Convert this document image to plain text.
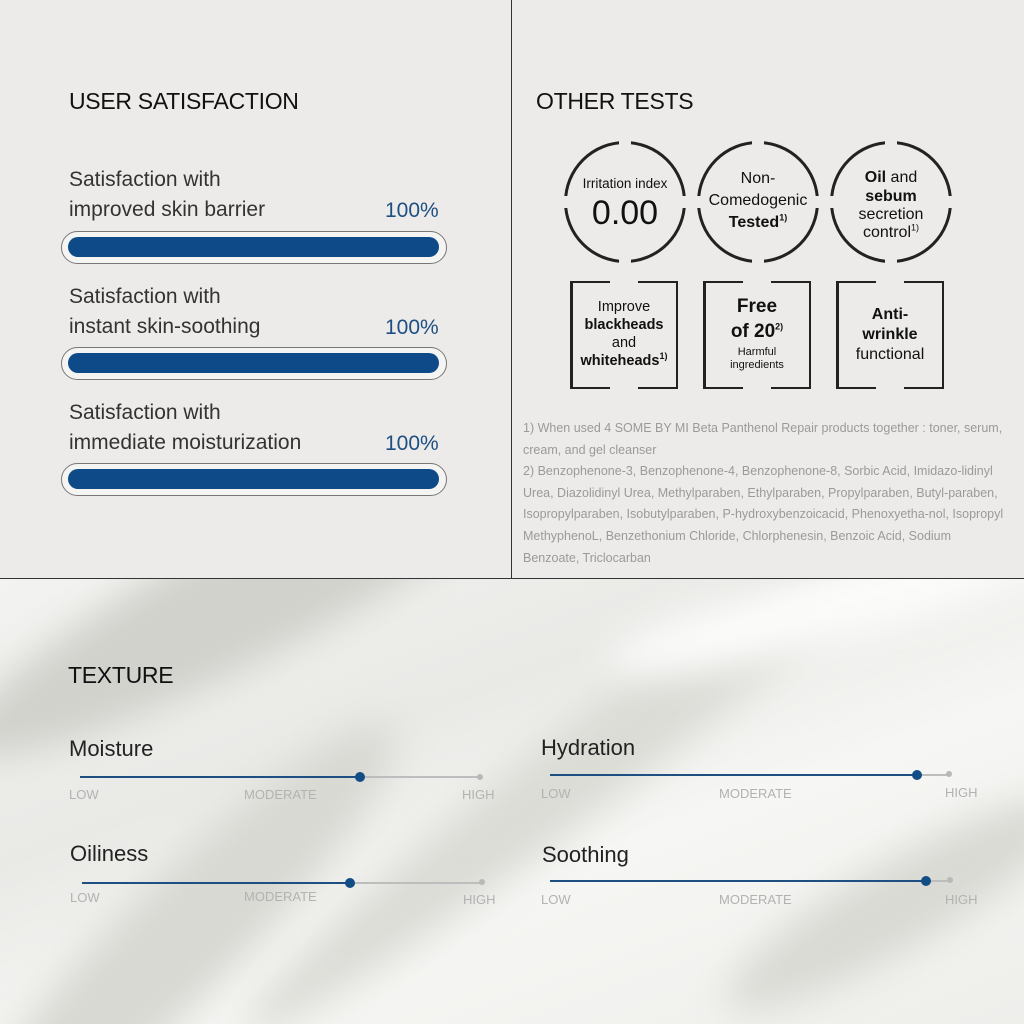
USER SATISFACTION
Satisfaction with
improved skin barrier	100%
Satisfaction with
instant skin-soothing	100%
Satisfaction with
immediate moisturization	100%
OTHER TESTS
Irritation index
0.00
Non-
Comedogenic
Tested$^{1)}$
Oil and
sebum
secretion
control$^{1)}$
Improve
blackheads
and
whiteheads$^{1)}$
Free
of 20$^{2)}$
Harmful
ingredients
Anti-
wrinkle
functional
1) When used 4 SOME BY MI Beta Panthenol Repair products together : toner, serum, cream, and gel cleanser
2) Benzophenone-3, Benzophenone-4, Benzophenone-8, Sorbic Acid, Imidazo-lidinyl Urea, Diazolidinyl Urea, Methylparaben, Ethylparaben, Propylparaben, Butyl-paraben, Isopropylparaben, Isobutylparaben, P-hydroxybenzoicacid, Phenoxyetha-nol, Isopropyl MethyphenoL, Benzethonium Chloride, Chlorphenesin, Benzoic Acid, Sodium Benzoate, Triclocarban
TEXTURE
Moisture
LOW	MODERATE	HIGH
Hydration
LOW	MODERATE	HIGH
Oiliness
LOW	MODERATE	HIGH
Soothing
LOW	MODERATE	HIGH
